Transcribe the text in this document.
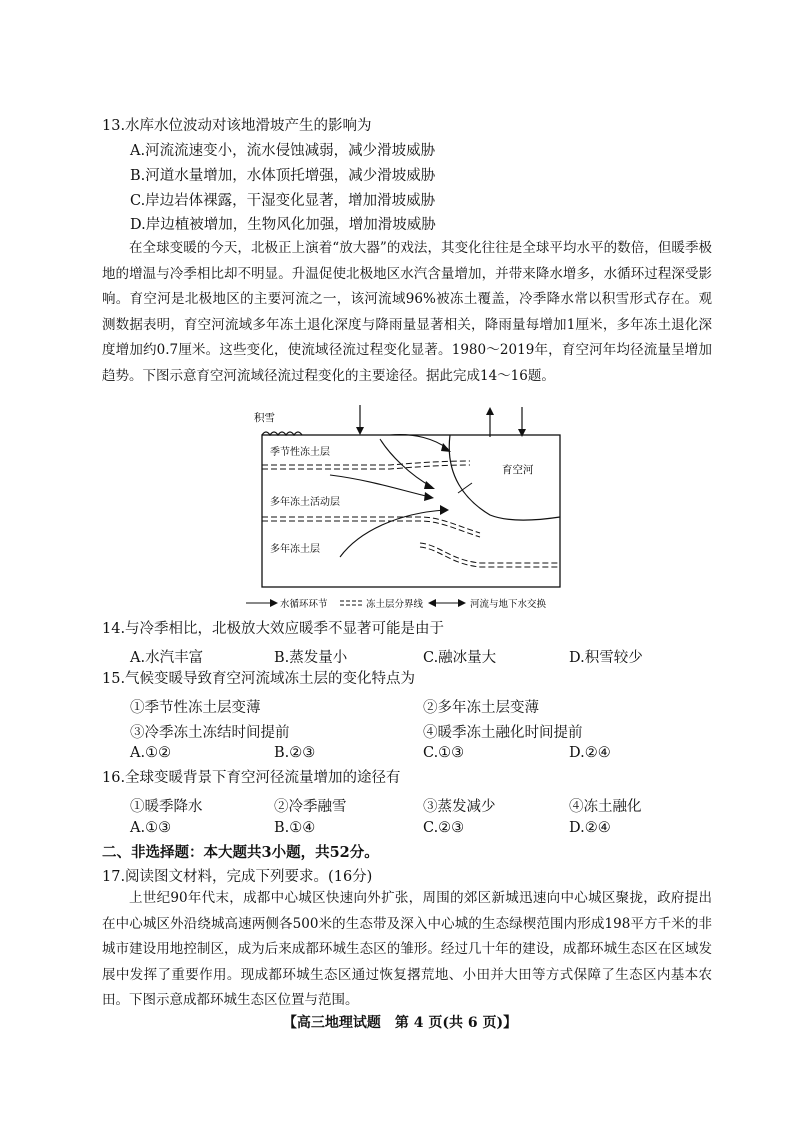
13.水库水位波动对该地滑坡产生的影响为
A.河流流速变小，流水侵蚀减弱，减少滑坡威胁
B.河道水量增加，水体顶托增强，减少滑坡威胁
C.岸边岩体裸露，干湿变化显著，增加滑坡威胁
D.岸边植被增加，生物风化加强，增加滑坡威胁

在全球变暖的今天，北极正上演着“放大器”的戏法，其变化往往是全球平均水平的数倍，但暖季极地的增温与冷季相比却不明显。升温促使北极地区水汽含量增加，并带来降水增多，水循环过程深受影响。育空河是北极地区的主要河流之一，该河流域96%被冻土覆盖，冷季降水常以积雪形式存在。观测数据表明，育空河流域多年冻土退化深度与降雨量显著相关，降雨量每增加1厘米，多年冻土退化深度增加约0.7厘米。这些变化，使流域径流过程变化显著。1980～2019年，育空河年均径流量呈增加趋势。下图示意育空河流域径流过程变化的主要途径。据此完成14～16题。

积雪
育空河
季节性冻土层
多年冻土活动层
多年冻土层
水循环环节	冻土层分界线	河流与地下水交换
14.与冷季相比，北极放大效应暖季不显著可能是由于
A.水汽丰富	B.蒸发量小	C.融冰量大	D.积雪较少
15.气候变暖导致育空河流域冻土层的变化特点为
①季节性冻土层变薄	②多年冻土层变薄
③冷季冻土冻结时间提前	④暖季冻土融化时间提前
A.①②	B.②③	C.①③	D.②④
16.全球变暖背景下育空河径流量增加的途径有
①暖季降水	②冷季融雪	③蒸发减少	④冻土融化
A.①③	B.①④	C.②③	D.②④
二、非选择题：本大题共3小题，共52分。
17.阅读图文材料，完成下列要求。(16分)

上世纪90年代末，成都中心城区快速向外扩张，周围的郊区新城迅速向中心城区聚拢，政府提出在中心城区外沿绕城高速两侧各500米的生态带及深入中心城的生态绿楔范围内形成198平方千米的非城市建设用地控制区，成为后来成都环城生态区的雏形。经过几十年的建设，成都环城生态区在区域发展中发挥了重要作用。现成都环城生态区通过恢复撂荒地、小田并大田等方式保障了生态区内基本农田。下图示意成都环城生态区位置与范围。

【高三地理试题　第 4 页(共 6 页)】
